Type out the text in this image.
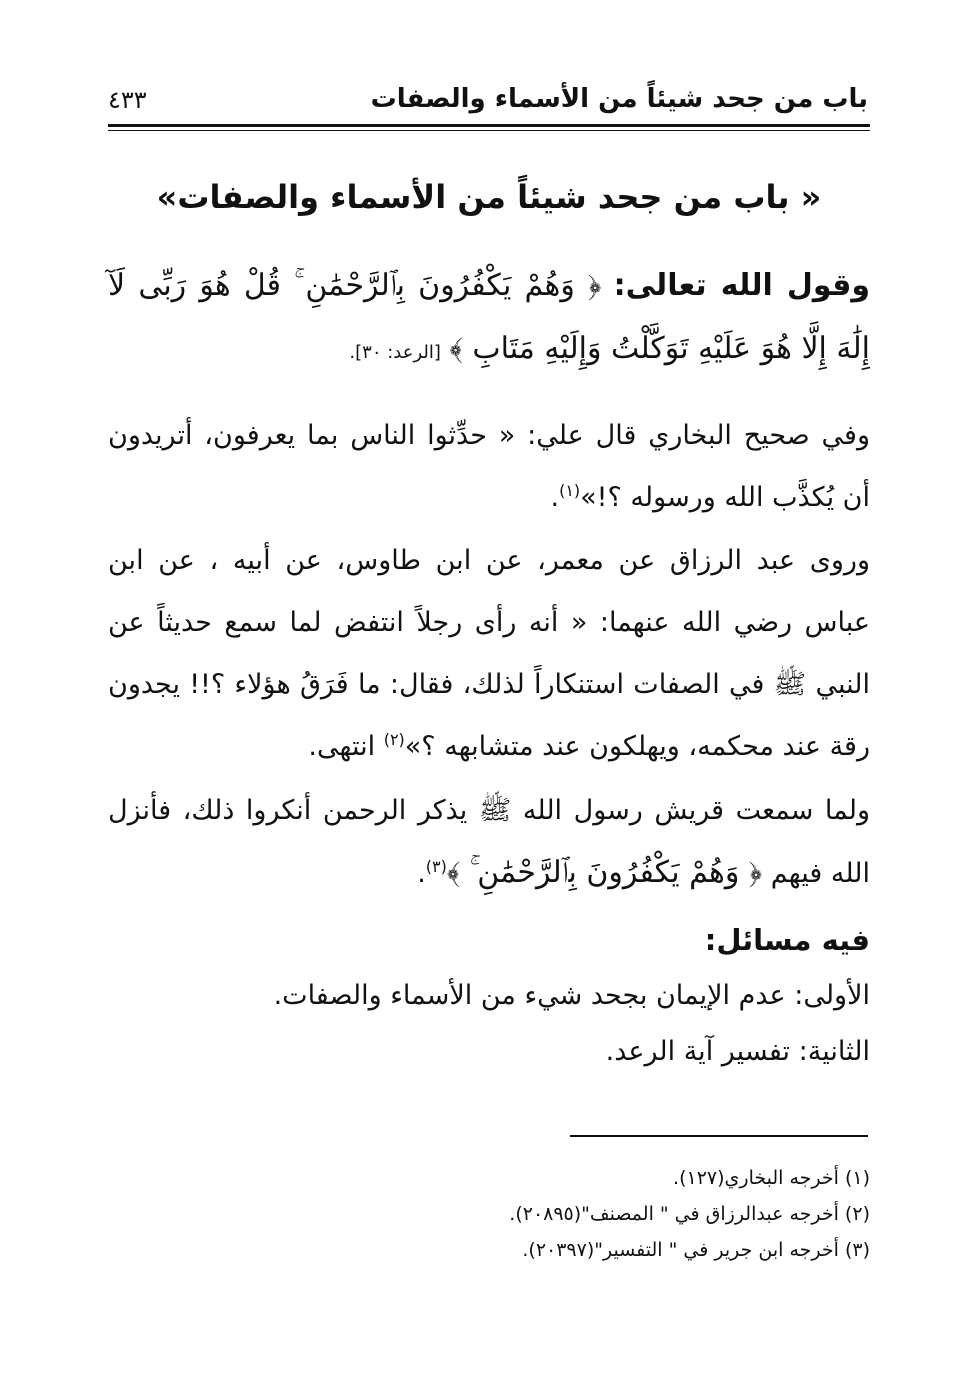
باب من جحد شيئاً من الأسماء والصفات
٤٣٣
« باب من جحد شيئاً من الأسماء والصفات»
وقول الله تعالى: ﴿ وَهُمْ يَكْفُرُونَ بِٱلرَّحْمَٰنِ ۚ قُلْ هُوَ رَبِّى لَآ إِلَٰهَ إِلَّا هُوَ عَلَيْهِ تَوَكَّلْتُ وَإِلَيْهِ مَتَابِ ﴾ [الرعد: ٣٠].
وفي صحيح البخاري قال علي: « حدِّثوا الناس بما يعرفون، أتريدون أن يُكذَّب الله ورسوله ؟!»$^{(١)}$.
وروى عبد الرزاق عن معمر، عن ابن طاوس، عن أبيه ، عن ابن عباس رضي الله عنهما: « أنه رأى رجلاً انتفض لما سمع حديثاً عن النبي ﷺ في الصفات استنكاراً لذلك، فقال: ما فَرَقُ هؤلاء ؟!! يجدون رقة عند محكمه، ويهلكون عند متشابهه ؟»$^{(٢)}$ انتهى.
ولما سمعت قريش رسول الله ﷺ يذكر الرحمن أنكروا ذلك، فأنزل الله فيهم ﴿ وَهُمْ يَكْفُرُونَ بِٱلرَّحْمَٰنِ ۚ ﴾$^{(٣)}$.
فيه مسائل:
الأولى: عدم الإيمان بجحد شيء من الأسماء والصفات.
الثانية: تفسير آية الرعد.
(١) أخرجه البخاري(١٢٧).
(٢) أخرجه عبدالرزاق في " المصنف"(٢٠٨٩٥).
(٣) أخرجه ابن جرير في " التفسير"(٢٠٣٩٧).
